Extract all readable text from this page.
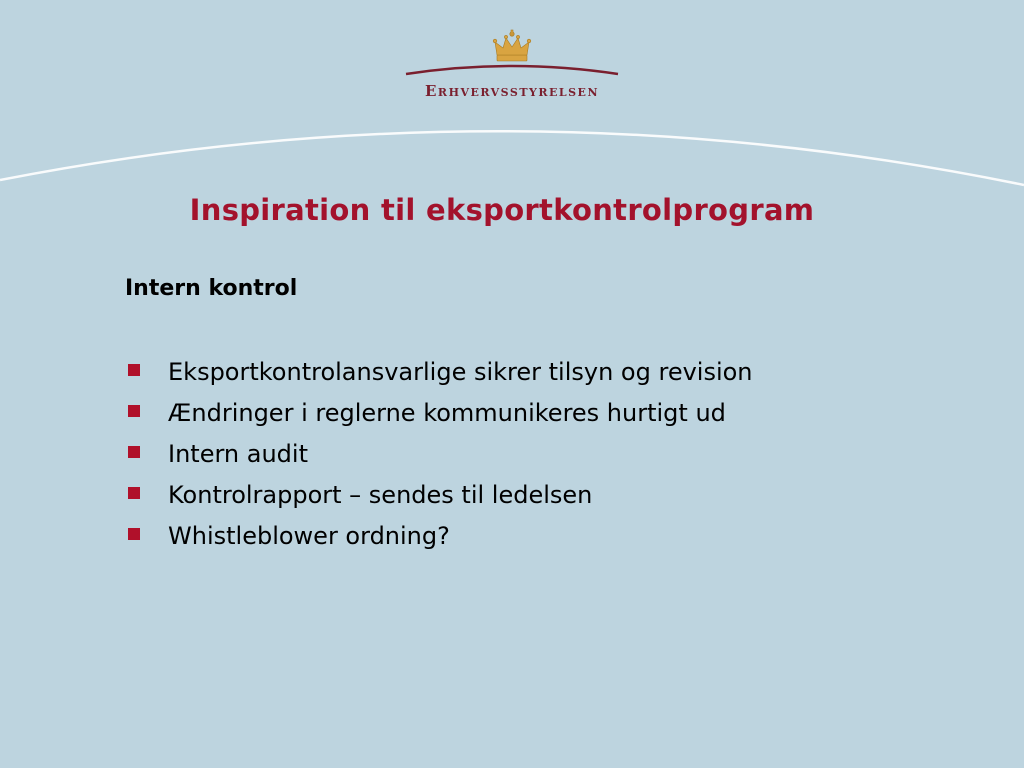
Erhvervsstyrelsen
Inspiration til eksportkontrolprogram
Intern kontrol
Eksportkontrolansvarlige sikrer tilsyn og revision
Ændringer i reglerne kommunikeres hurtigt ud
Intern audit
Kontrolrapport – sendes til ledelsen
Whistleblower ordning?
